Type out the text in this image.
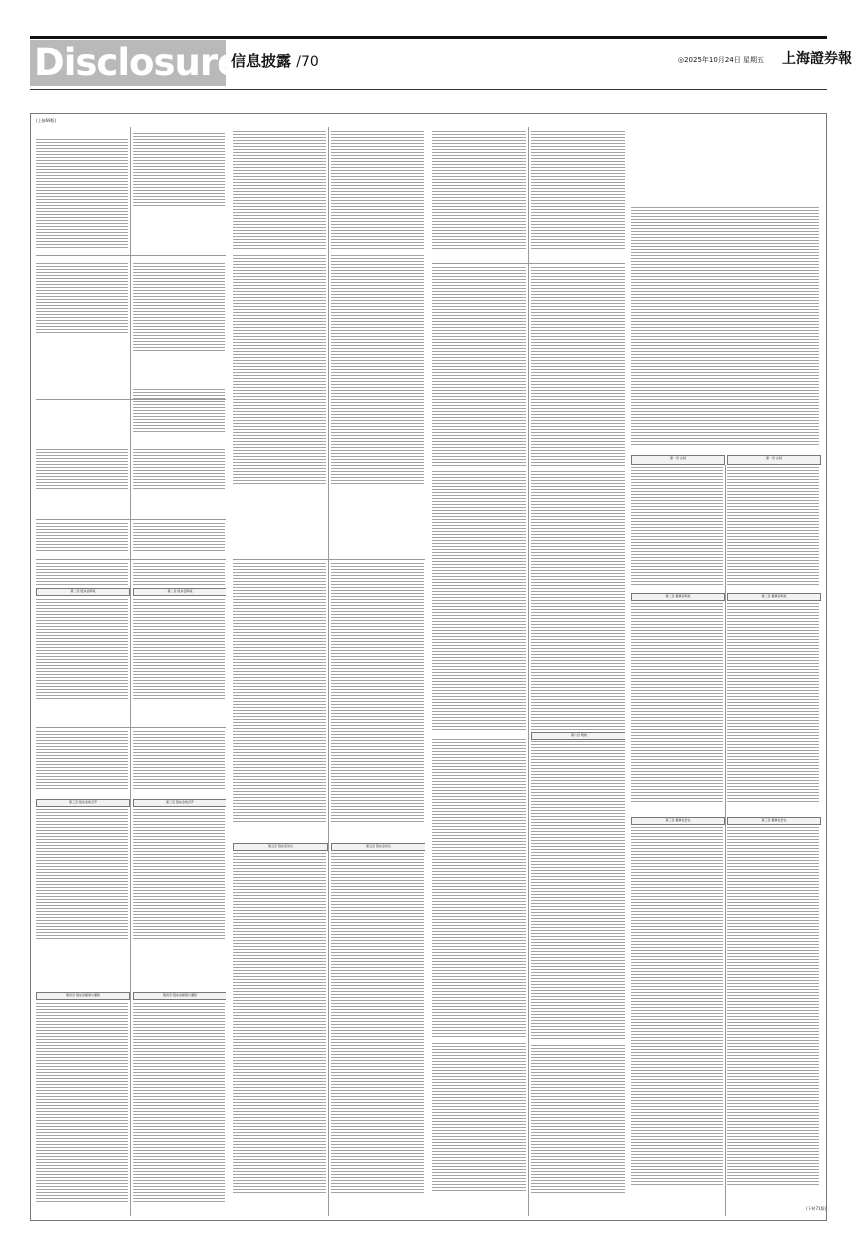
Disclosure
信息披露 /70	◎2025年10月24日 星期五 上海證券報
(上接69版)
第二章 股东会职权	第二章 股东会职权
第三章 股东会的召开	第三章 股东会的召开
第四章 股东会提案与通知	第四章 股东会提案与通知
第五章 股东会决议	第五章 股东会决议
第六章 附则
第一章 总则	第一章 总则
第二章 董事会职权	第二章 董事会职权
第三章 董事会会议	第三章 董事会会议
(下转71版)
